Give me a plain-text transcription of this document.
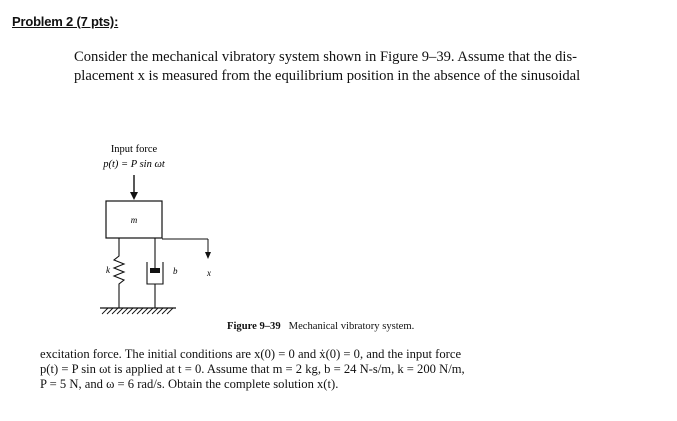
Problem 2 (7 pts):
Consider the mechanical vibratory system shown in Figure 9–39. Assume that the dis-
placement x is measured from the equilibrium position in the absence of the sinusoidal
Input force
p(t) = P sin ωt
m
x
k	b
Figure 9–39 Mechanical vibratory system.
excitation force. The initial conditions are x(0) = 0 and ẋ(0) = 0, and the input force
p(t) = P sin ωt is applied at t = 0. Assume that m = 2 kg, b = 24 N-s/m, k = 200 N/m,
P = 5 N, and ω = 6 rad/s. Obtain the complete solution x(t).
